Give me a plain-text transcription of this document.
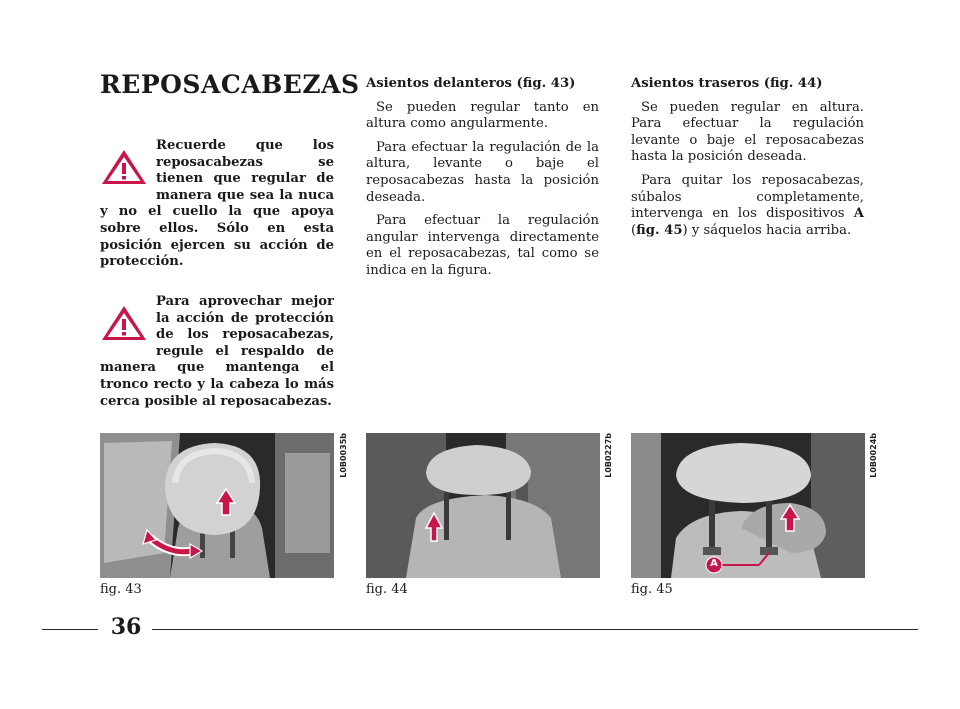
REPOSACABEZAS

Recuerde que los reposacabezas se tienen que regular de manera que sea la nuca y no el cuello la que apoya sobre ellos. Sólo en esta posición ejercen su acción de protección.

Para aprovechar mejor la acción de protección de los reposacabezas, regule el respaldo de manera que mantenga el tronco recto y la cabeza lo más cerca posible al reposacabezas.

Asientos delanteros (fig. 43)

Se pueden regular tanto en altura como angularmente.

Para efectuar la regulación de la altura, levante o baje el reposacabezas hasta la posición deseada.

Para efectuar la regulación angular intervenga directamente en el reposacabezas, tal como se indica en la figura.

Asientos traseros (fig. 44)

Se pueden regular en altura. Para efectuar la regulación levante o baje el reposacabezas hasta la posición deseada.

Para quitar los reposacabezas, súbalos completamente, intervenga en los dispositivos A (fig. 45) y sáquelos hacia arriba.

A
L0B0035b	L0B0227b	L0B0024b
fig. 43	fig. 44	fig. 45
36
